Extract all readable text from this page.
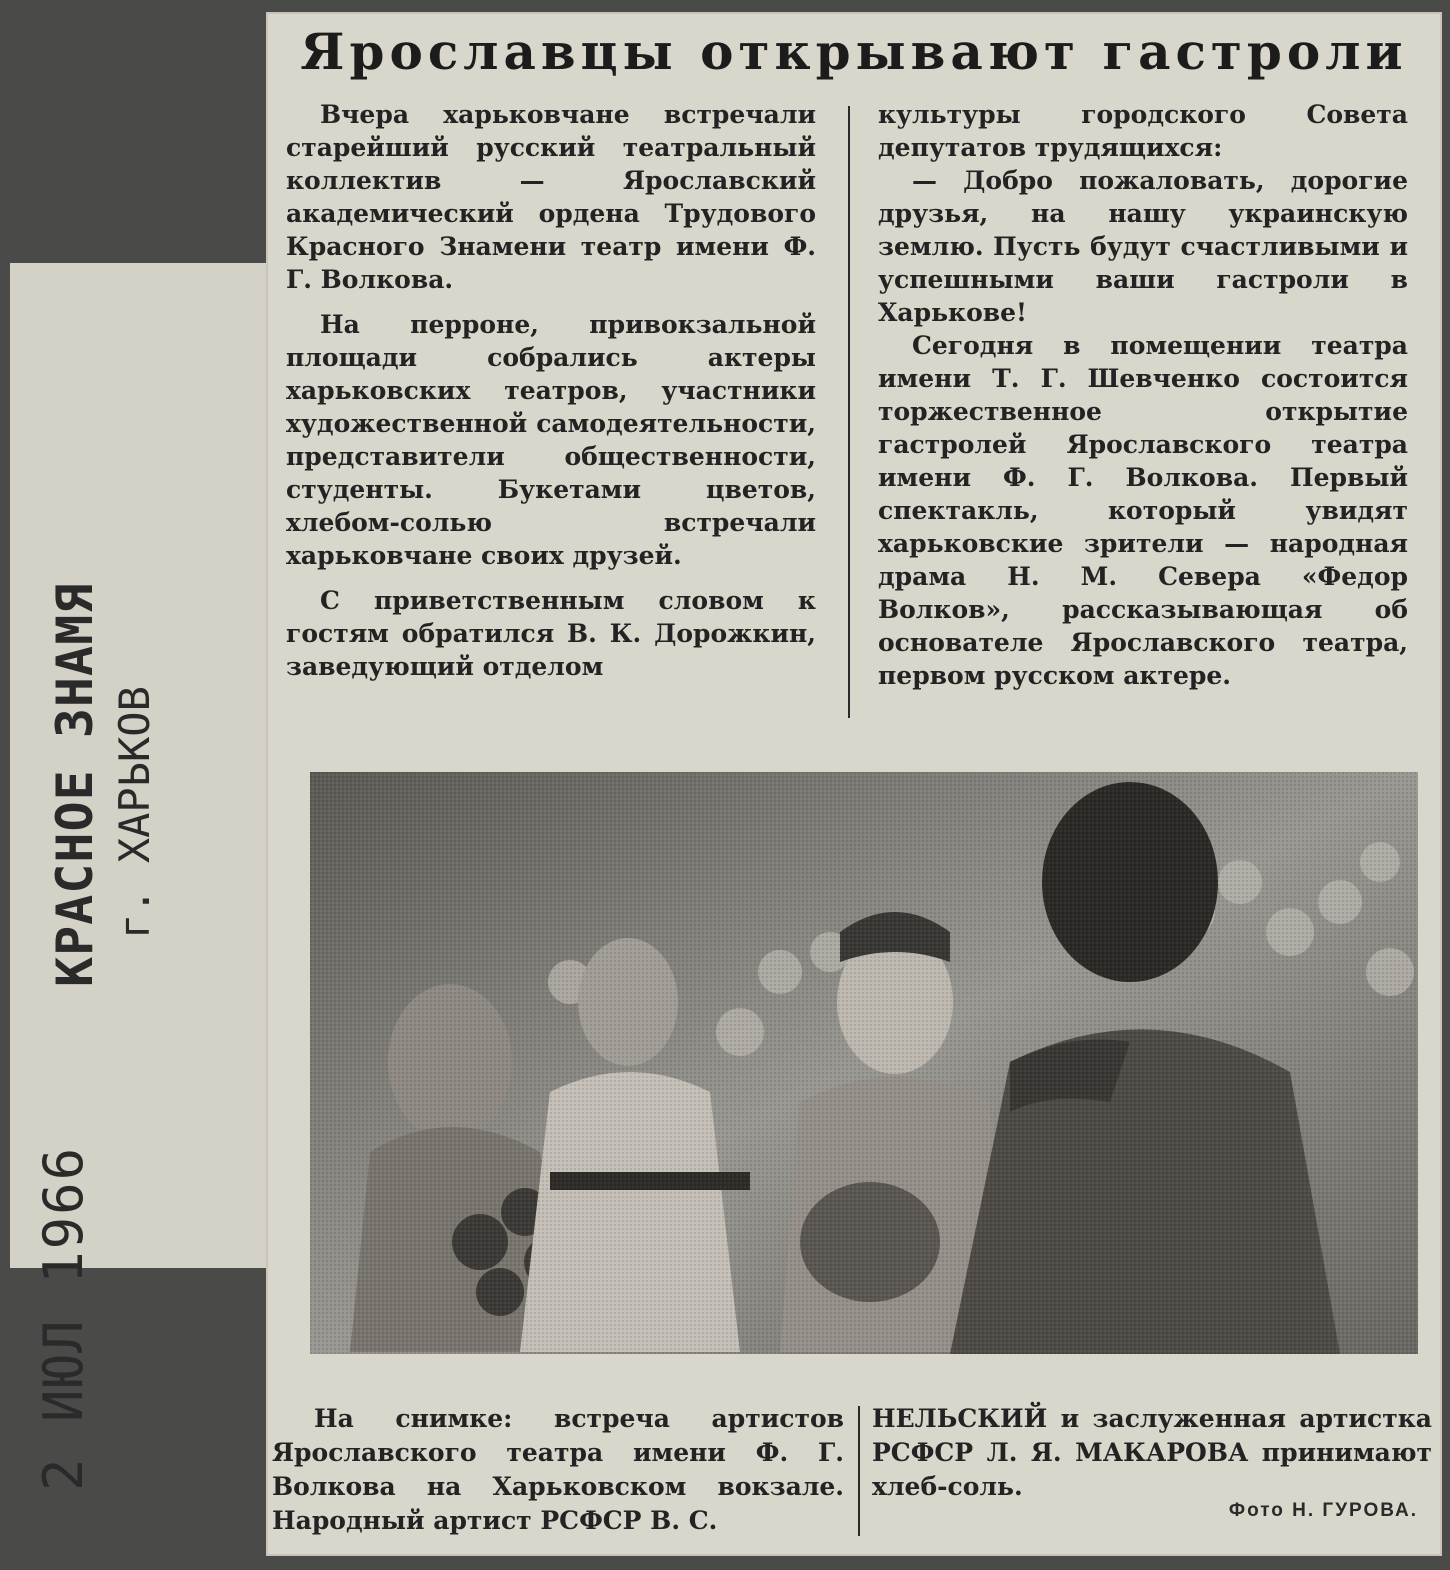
КРАСНОЕ ЗНАМЯ г. ХАРЬКОВ
2 ИЮЛ 1966
Ярославцы открывают гастроли

Вчера харьковчане встречали старейший русский театральный коллектив — Ярославский академический ордена Трудового Красного Знамени театр имени Ф. Г. Волкова.

На перроне, привокзальной площади собрались актеры харьковских театров, участники художественной самодеятельности, представители общественности, студенты. Букетами цветов, хлебом-солью встречали харьковчане своих друзей.

С приветственным словом к гостям обратился В. К. Дорожкин, заведующий отделом

культуры городского Совета депутатов трудящихся:

— Добро пожаловать, дорогие друзья, на нашу украинскую землю. Пусть будут счастливыми и успешными ваши гастроли в Харькове!

Сегодня в помещении театра имени Т. Г. Шевченко состоится торжественное открытие гастролей Ярославского театра имени Ф. Г. Волкова. Первый спектакль, который увидят харьковские зрители — народная драма Н. М. Севера «Федор Волков», рассказывающая об основателе Ярославского театра, первом русском актере.

На снимке: встреча артистов Ярославского театра имени Ф. Г. Волкова на Харьковском вокзале. Народный артист РСФСР В. С.

НЕЛЬСКИЙ и заслуженная артистка РСФСР Л. Я. МАКАРОВА принимают хлеб-соль.

Фото Н. ГУРОВА.
